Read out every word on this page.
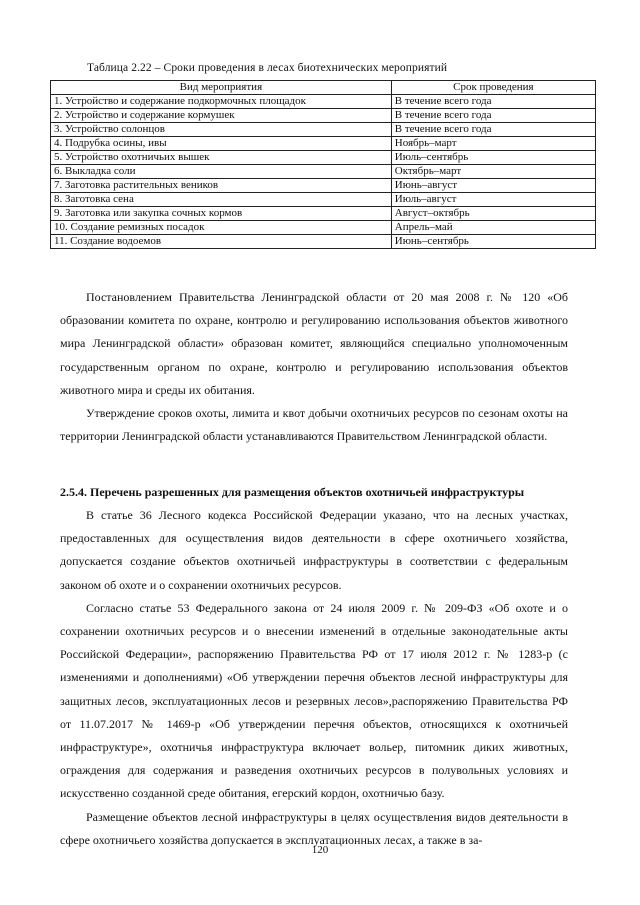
Таблица 2.22 – Сроки проведения в лесах биотехнических мероприятий
Вид мероприятия	Срок проведения
1. Устройство и содержание подкормочных площадок	В течение всего года
2. Устройство и содержание кормушек	В течение всего года
3. Устройство солонцов	В течение всего года
4. Подрубка осины, ивы	Ноябрь–март
5. Устройство охотничьих вышек	Июль–сентябрь
6. Выкладка соли	Октябрь–март
7. Заготовка растительных веников	Июнь–август
8. Заготовка сена	Июль–август
9. Заготовка или закупка сочных кормов	Август–октябрь
10. Создание ремизных посадок	Апрель–май
11. Создание водоемов	Июнь–сентябрь

Постановлением Правительства Ленинградской области от 20 мая 2008 г. № 120 «Об образовании комитета по охране, контролю и регулированию использования объектов животного мира Ленинградской области» образован комитет, являющийся специально уполномоченным государственным органом по охране, контролю и регулированию использования объектов животного мира и среды их обитания.

Утверждение сроков охоты, лимита и квот добычи охотничьих ресурсов по сезонам охоты на территории Ленинградской области устанавливаются Правительством Ленинградской области.

2.5.4. Перечень разрешенных для размещения объектов охотничьей инфраструктуры

В статье 36 Лесного кодекса Российской Федерации указано, что на лесных участках, предоставленных для осуществления видов деятельности в сфере охотничьего хозяйства, допускается создание объектов охотничьей инфраструктуры в соответствии с федеральным законом об охоте и о сохранении охотничьих ресурсов.

Согласно статье 53 Федерального закона от 24 июля 2009 г. № 209-ФЗ «Об охоте и о сохранении охотничьих ресурсов и о внесении изменений в отдельные законодательные акты Российской Федерации», распоряжению Правительства РФ от 17 июля 2012 г. № 1283-р (с изменениями и дополнениями) «Об утверждении перечня объектов лесной инфраструктуры для защитных лесов, эксплуатационных лесов и резервных лесов»,распоряжению Правительства РФ от 11.07.2017 № 1469-р «Об утверждении перечня объектов, относящихся к охотничьей инфраструктуре», охотничья инфраструктура включает вольер, питомник диких животных, ограждения для содержания и разведения охотничьих ресурсов в полувольных условиях и искусственно созданной среде обитания, егерский кордон, охотничью базу.

Размещение объектов лесной инфраструктуры в целях осуществления видов деятельности в сфере охотничьего хозяйства допускается в эксплуатационных лесах, а также в за-

120
